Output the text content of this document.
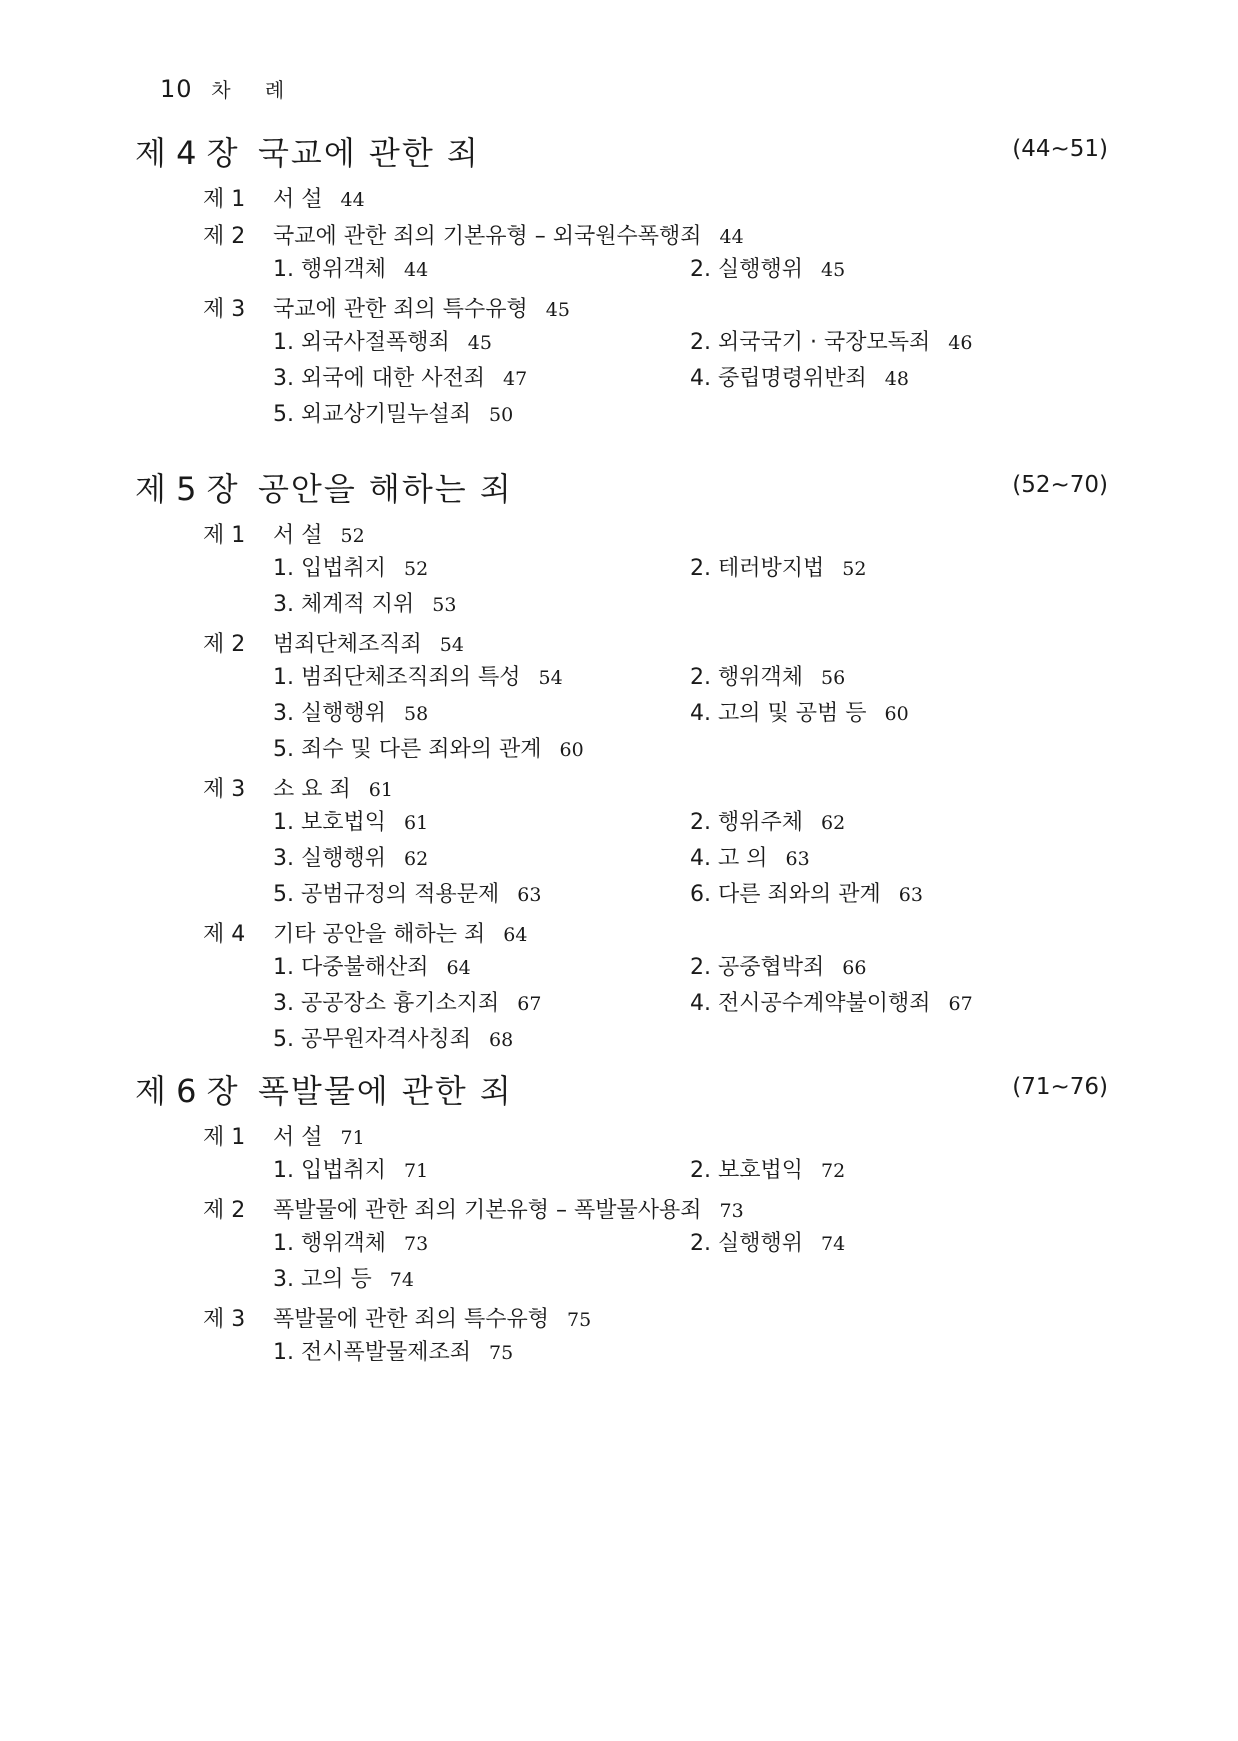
10 차 례
제 4 장 국교에 관한 죄	(44~51)
제 1 서 설 44
제 2 국교에 관한 죄의 기본유형 – 외국원수폭행죄 44
1. 행위객체 44	2. 실행행위 45
제 3 국교에 관한 죄의 특수유형 45
1. 외국사절폭행죄 45	2. 외국국기 · 국장모독죄 46
3. 외국에 대한 사전죄 47	4. 중립명령위반죄 48
5. 외교상기밀누설죄 50
제 5 장 공안을 해하는 죄	(52~70)
제 1 서 설 52
1. 입법취지 52	2. 테러방지법 52
3. 체계적 지위 53
제 2 범죄단체조직죄 54
1. 범죄단체조직죄의 특성 54	2. 행위객체 56
3. 실행행위 58	4. 고의 및 공범 등 60
5. 죄수 및 다른 죄와의 관계 60
제 3 소 요 죄 61
1. 보호법익 61	2. 행위주체 62
3. 실행행위 62	4. 고 의 63
5. 공범규정의 적용문제 63	6. 다른 죄와의 관계 63
제 4 기타 공안을 해하는 죄 64
1. 다중불해산죄 64	2. 공중협박죄 66
3. 공공장소 흉기소지죄 67	4. 전시공수계약불이행죄 67
5. 공무원자격사칭죄 68
제 6 장 폭발물에 관한 죄	(71~76)
제 1 서 설 71
1. 입법취지 71	2. 보호법익 72
제 2 폭발물에 관한 죄의 기본유형 – 폭발물사용죄 73
1. 행위객체 73	2. 실행행위 74
3. 고의 등 74
제 3 폭발물에 관한 죄의 특수유형 75
1. 전시폭발물제조죄 75
